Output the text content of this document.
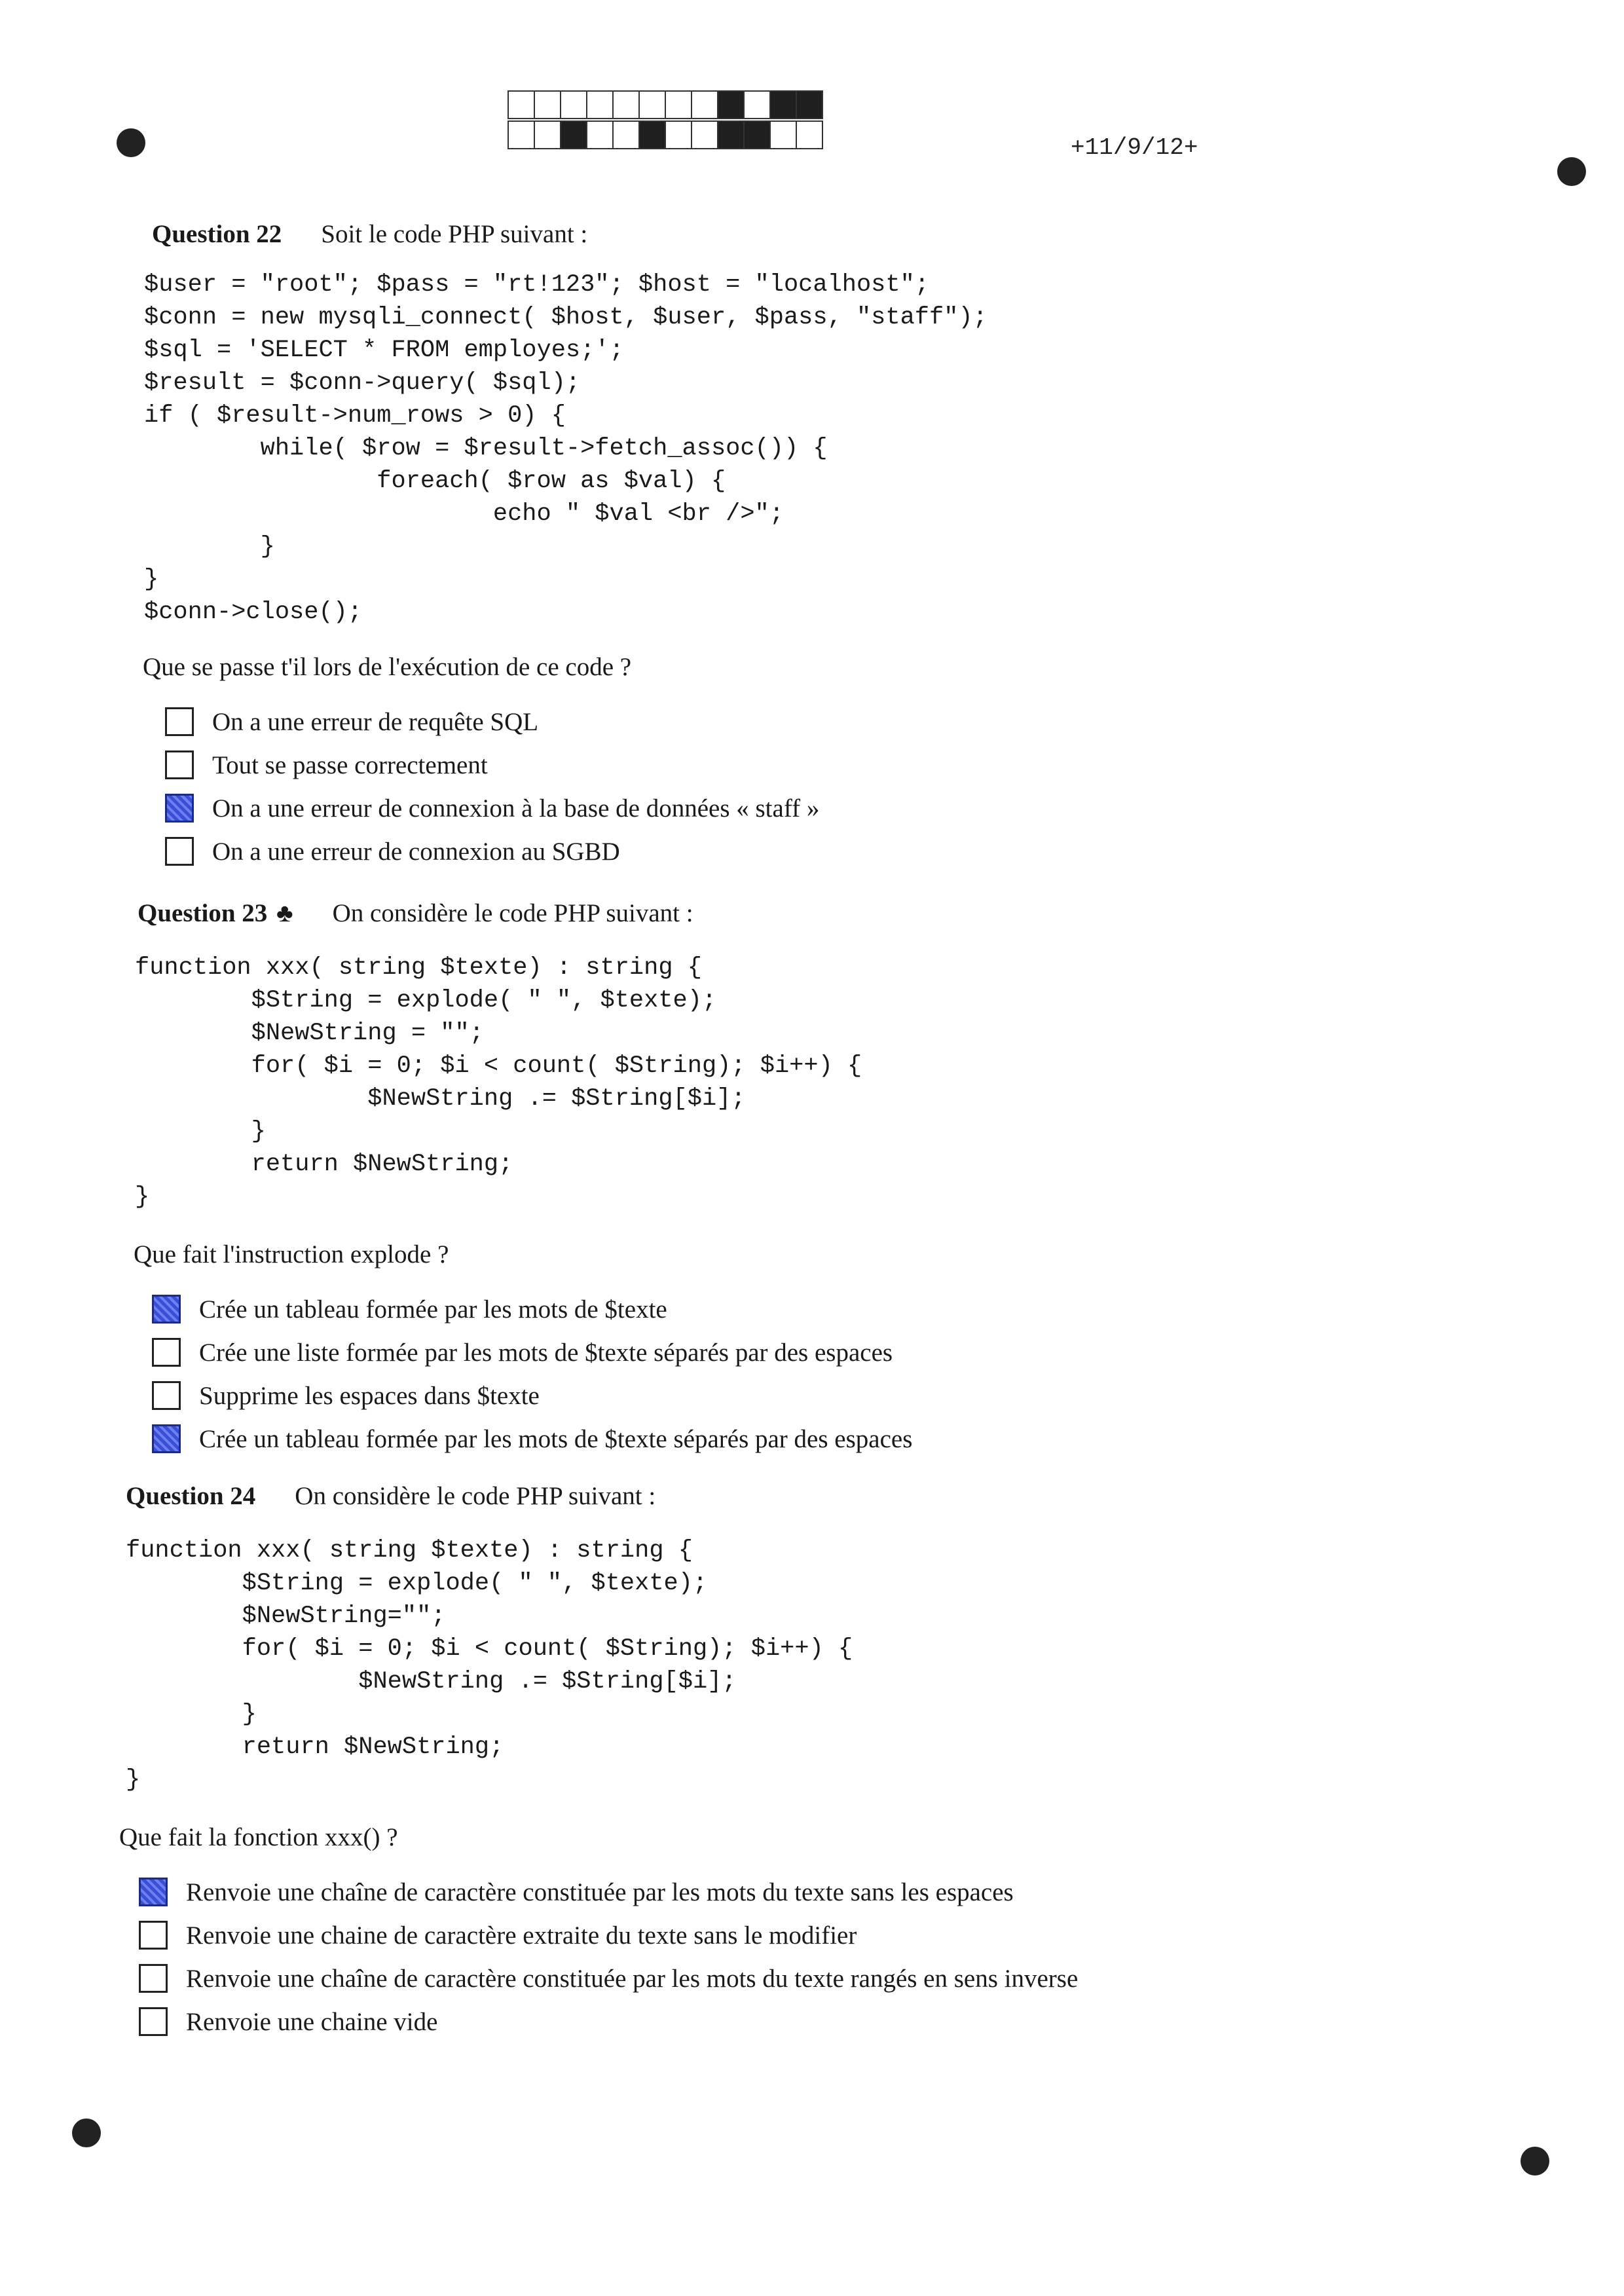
+11/9/12+
Question 22 Soit le code PHP suivant :
$user = "root"; $pass = "rt!123"; $host = "localhost";
$conn = new mysqli_connect( $host, $user, $pass, "staff");
$sql = 'SELECT * FROM employes;';
$result = $conn->query( $sql);
if ( $result->num_rows > 0) {
while( $row = $result->fetch_assoc()) {
foreach( $row as $val) {
echo " $val <br />";
}
}
$conn->close();
Que se passe t'il lors de l'exécution de ce code ?
On a une erreur de requête SQL
Tout se passe correctement
On a une erreur de connexion à la base de données « staff »
On a une erreur de connexion au SGBD
Question 23 ♣ On considère le code PHP suivant :
function xxx( string $texte) : string {
$String = explode( " ", $texte);
$NewString = "";
for( $i = 0; $i < count( $String); $i++) {
$NewString .= $String[$i];
}
return $NewString;
}
Que fait l'instruction explode ?
Crée un tableau formée par les mots de $texte
Crée une liste formée par les mots de $texte séparés par des espaces
Supprime les espaces dans $texte
Crée un tableau formée par les mots de $texte séparés par des espaces
Question 24 On considère le code PHP suivant :
function xxx( string $texte) : string {
$String = explode( " ", $texte);
$NewString="";
for( $i = 0; $i < count( $String); $i++) {
$NewString .= $String[$i];
}
return $NewString;
}
Que fait la fonction xxx() ?
Renvoie une chaîne de caractère constituée par les mots du texte sans les espaces
Renvoie une chaine de caractère extraite du texte sans le modifier
Renvoie une chaîne de caractère constituée par les mots du texte rangés en sens inverse
Renvoie une chaine vide
